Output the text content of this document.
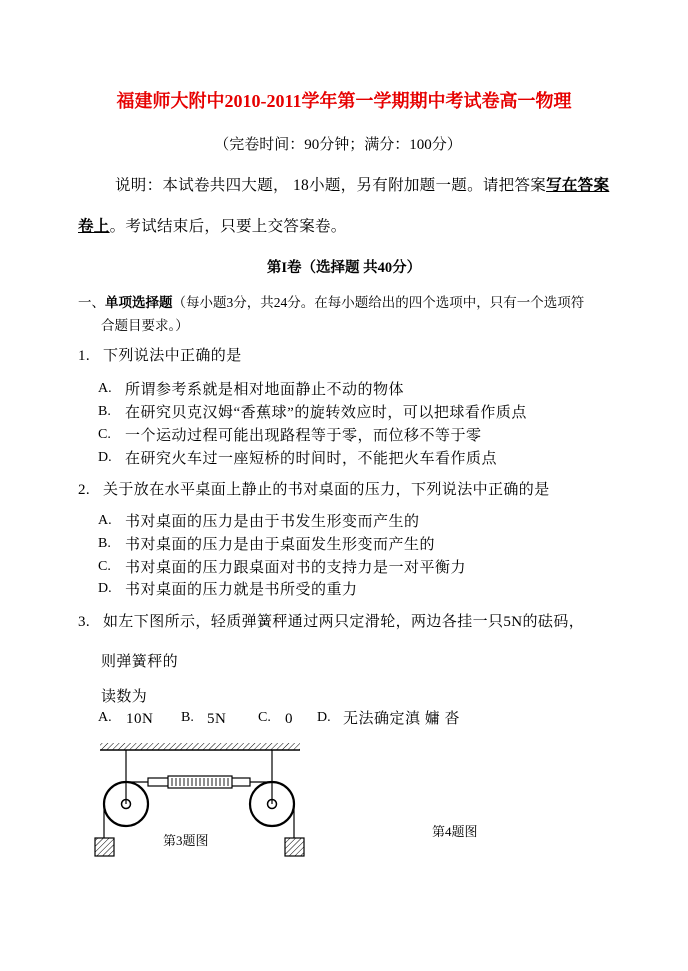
福建师大附中2010-2011学年第一学期期中考试卷高一物理
（完卷时间：90分钟；满分：100分）
说明：本试卷共四大题， 18小题，另有附加题一题。请把答案写在答案
卷上。考试结束后，只要上交答案卷。
第I卷（选择题 共40分）
一、单项选择题（每小题3分，共24分。在每小题给出的四个选项中，只有一个选项符
合题目要求。）
1. 下列说法中正确的是
A. 所谓参考系就是相对地面静止不动的物体
B. 在研究贝克汉姆“香蕉球”的旋转效应时，可以把球看作质点
C. 一个运动过程可能出现路程等于零，而位移不等于零
D. 在研究火车过一座短桥的时间时，不能把火车看作质点
2. 关于放在水平桌面上静止的书对桌面的压力，下列说法中正确的是
A. 书对桌面的压力是由于书发生形变而产生的
B. 书对桌面的压力是由于桌面发生形变而产生的
C. 书对桌面的压力跟桌面对书的支持力是一对平衡力
D. 书对桌面的压力就是书所受的重力
3. 如左下图所示，轻质弹簧秤通过两只定滑轮，两边各挂一只5N的砝码，
则弹簧秤的
读数为
A. 10N B. 5N C. 0 D. 无法确定滇 嫞 沓
第3题图
第4题图
